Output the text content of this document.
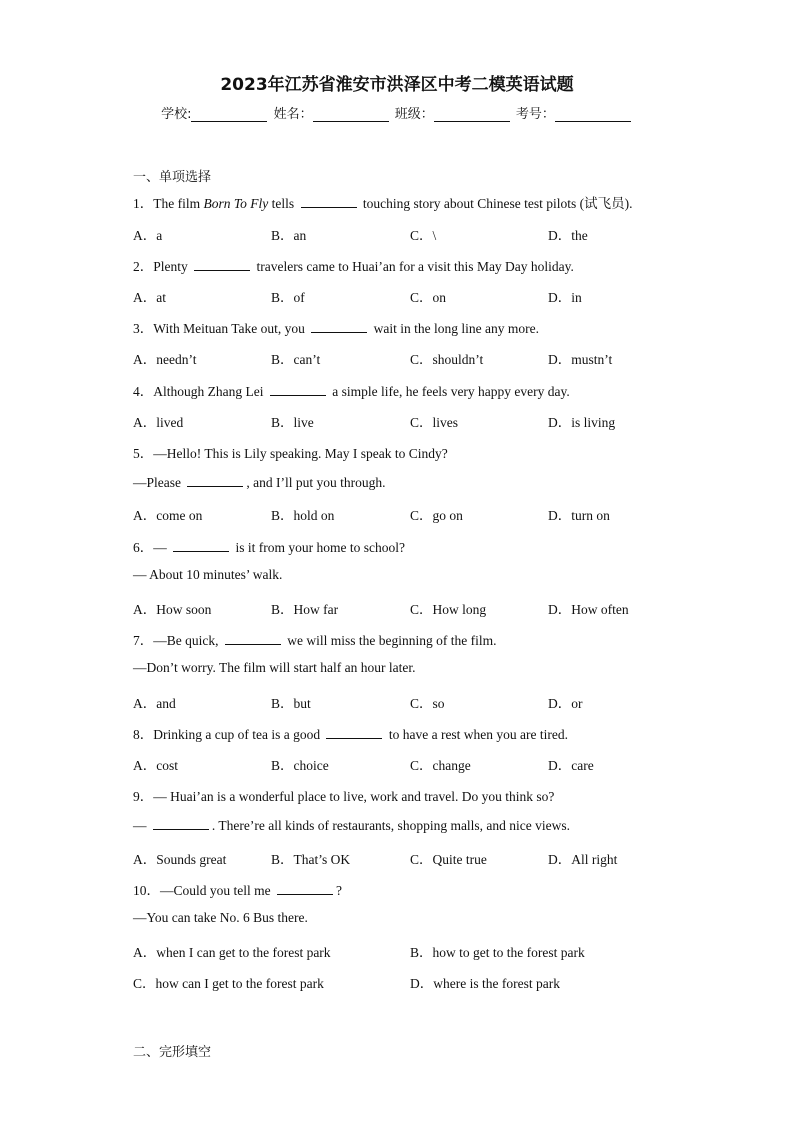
2023年江苏省淮安市洪泽区中考二模英语试题
学校:	姓名：	班级：	考号：
一、单项选择
1．The film Born To Fly tells	touching story about Chinese test pilots (试飞员).
A．a	B．an	C．\	D．the
2．Plenty	travelers came to Huai’an for a visit this May Day holiday.
A．at	B．of	C．on	D．in
3．With Meituan Take out, you	wait in the long line any more.
A．needn’t	B．can’t	C．shouldn’t	D．mustn’t
4．Although Zhang Lei	a simple life, he feels very happy every day.
A．lived	B．live	C．lives	D．is living
5．—Hello! This is Lily speaking. May I speak to Cindy?
—Please	, and I’ll put you through.
A．come on	B．hold on	C．go on	D．turn on
6．—	is it from your home to school?
— About 10 minutes’ walk.
A．How soon	B．How far	C．How long	D．How often
7．—Be quick,	we will miss the beginning of the film.
—Don’t worry. The film will start half an hour later.
A．and	B．but	C．so	D．or
8．Drinking a cup of tea is a good	to have a rest when you are tired.
A．cost	B．choice	C．change	D．care
9．— Huai’an is a wonderful place to live, work and travel. Do you think so?
—	. There’re all kinds of restaurants, shopping malls, and nice views.
A．Sounds great	B．That’s OK	C．Quite true	D．All right
10．—Could you tell me	?
—You can take No. 6 Bus there.
A．when I can get to the forest park	B．how to get to the forest park
C．how can I get to the forest park	D．where is the forest park
二、完形填空
